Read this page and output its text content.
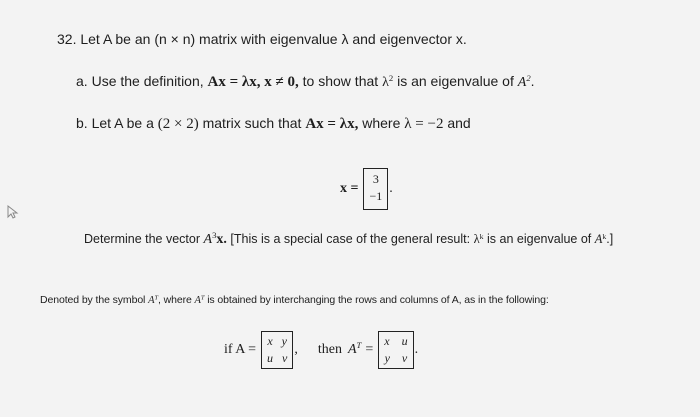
32. Let A be an (n × n) matrix with eigenvalue λ and eigenvector x.
a. Use the definition, Ax = λx, x ≠ 0, to show that $\lambda^2$ is an eigenvalue of $A^2$.
b. Let A be a (2 × 2) matrix such that Ax = λx, where λ = −2 and
x =
3
−1 .
Determine the vector $A^3x$. [This is a special case of the general result: $\lambda^k$ is an eigenvalue of $A^k$.]
Denoted by the symbol $A^T$, where $A^T$ is obtained by interchanging the rows and columns of A, as in the following:
if A =
x y
u v
, then $A^T$ =
x u
y v
.
